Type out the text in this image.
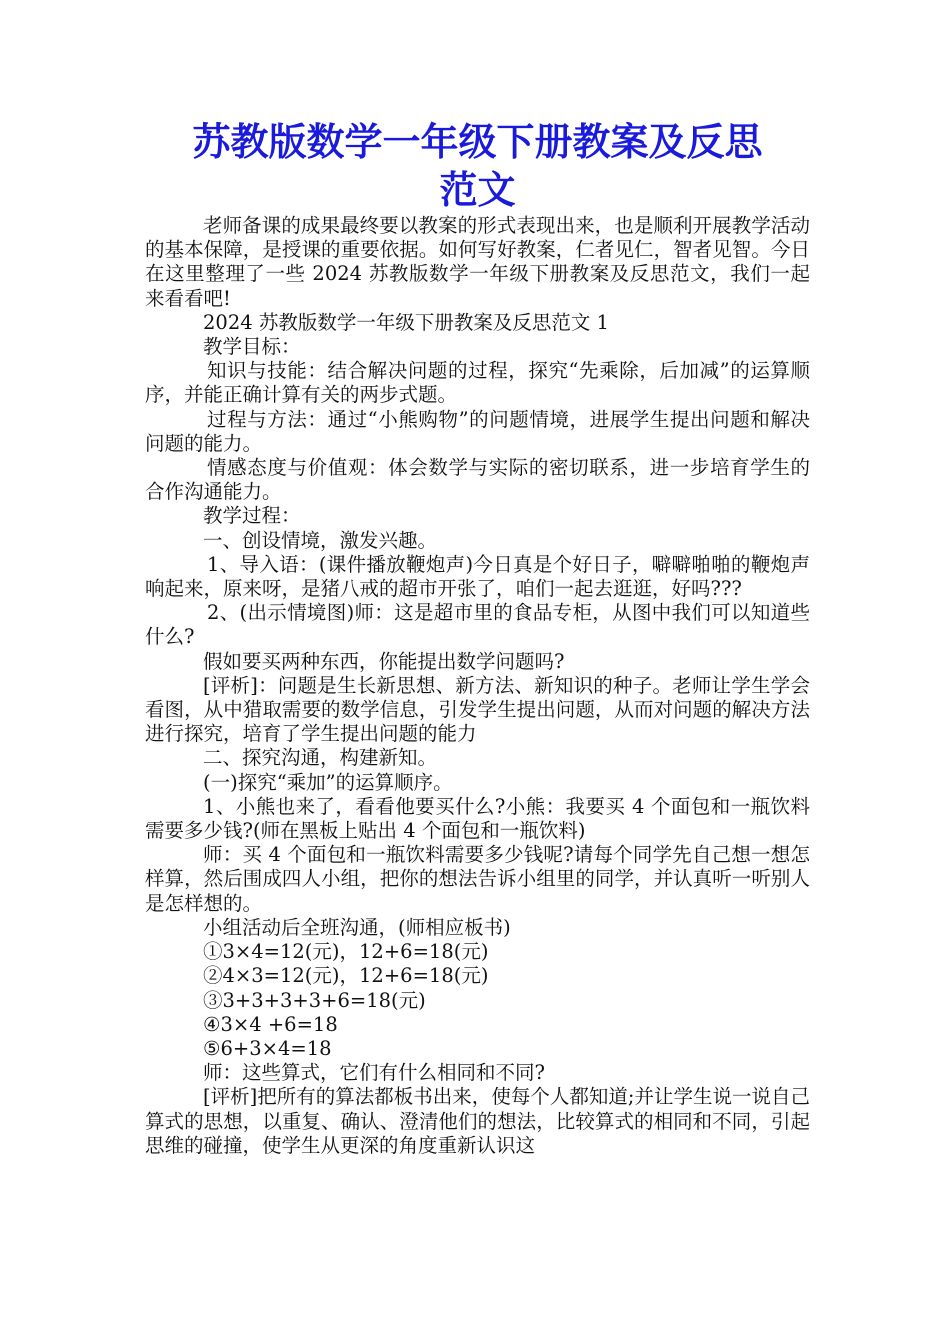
苏教版数学一年级下册教案及反思
范文

老师备课的成果最终要以教案的形式表现出来，也是顺利开展教学活动的基本保障，是授课的重要依据。如何写好教案，仁者见仁，智者见智。今日在这里整理了一些 2024 苏教版数学一年级下册教案及反思范文，我们一起来看看吧!

2024 苏教版数学一年级下册教案及反思范文 1

教学目标：

知识与技能：结合解决问题的过程，探究“先乘除，后加减”的运算顺序，并能正确计算有关的两步式题。

过程与方法：通过“小熊购物”的问题情境，进展学生提出问题和解决问题的能力。

情感态度与价值观：体会数学与实际的密切联系，进一步培育学生的合作沟通能力。

教学过程：

一、创设情境，激发兴趣。

1、导入语：(课件播放鞭炮声)今日真是个好日子，噼噼啪啪的鞭炮声响起来，原来呀，是猪八戒的超市开张了，咱们一起去逛逛，好吗???

2、(出示情境图)师：这是超市里的食品专柜，从图中我们可以知道些什么?

假如要买两种东西，你能提出数学问题吗?

[评析]：问题是生长新思想、新方法、新知识的种子。老师让学生学会看图，从中猎取需要的数学信息，引发学生提出问题，从而对问题的解决方法进行探究，培育了学生提出问题的能力

二、探究沟通，构建新知。

(一)探究“乘加”的运算顺序。

1、小熊也来了，看看他要买什么?小熊：我要买 4 个面包和一瓶饮料需要多少钱?(师在黑板上贴出 4 个面包和一瓶饮料)

师：买 4 个面包和一瓶饮料需要多少钱呢?请每个同学先自己想一想怎样算，然后围成四人小组，把你的想法告诉小组里的同学，并认真听一听别人是怎样想的。

小组活动后全班沟通，(师相应板书)

①3×4=12(元)，12+6=18(元)

②4×3=12(元)，12+6=18(元)

③3+3+3+3+6=18(元)

④3×4 +6=18

⑤6+3×4=18

师：这些算式，它们有什么相同和不同?

[评析]把所有的算法都板书出来，使每个人都知道;并让学生说一说自己算式的思想，以重复、确认、澄清他们的想法，比较算式的相同和不同，引起思维的碰撞，使学生从更深的角度重新认识这
